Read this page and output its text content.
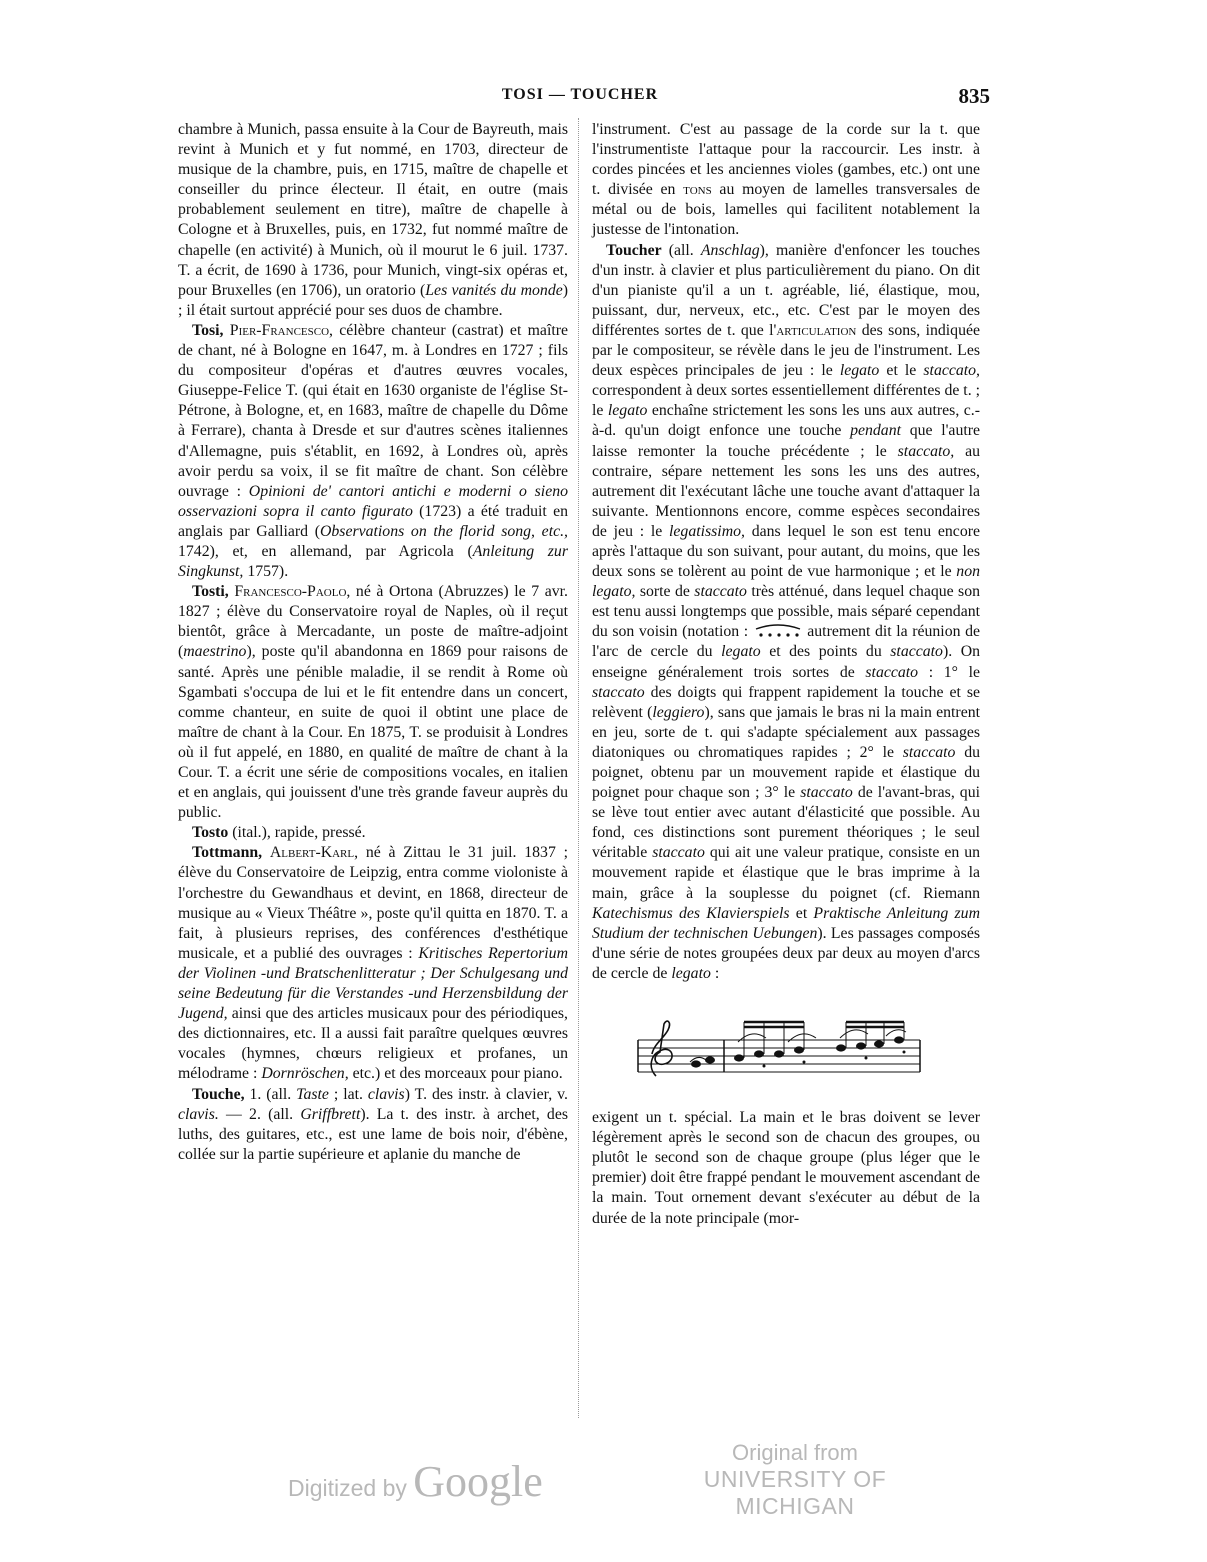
TOSI — TOUCHER	835

chambre à Munich, passa ensuite à la Cour de Bayreuth, mais revint à Munich et y fut nommé, en 1703, directeur de musique de la chambre, puis, en 1715, maître de chapelle et conseiller du prince électeur. Il était, en outre (mais probablement seulement en titre), maître de chapelle à Cologne et à Bruxelles, puis, en 1732, fut nommé maître de chapelle (en activité) à Munich, où il mourut le 6 juil. 1737. T. a écrit, de 1690 à 1736, pour Munich, vingt-six opéras et, pour Bruxelles (en 1706), un oratorio (Les vanités du monde) ; il était surtout apprécié pour ses duos de chambre.

Tosi, Pier-Francesco, célèbre chanteur (castrat) et maître de chant, né à Bologne en 1647, m. à Londres en 1727 ; fils du compositeur d'opéras et d'autres œuvres vocales, Giuseppe-Felice T. (qui était en 1630 organiste de l'église St-Pétrone, à Bologne, et, en 1683, maître de chapelle du Dôme à Ferrare), chanta à Dresde et sur d'autres scènes italiennes d'Allemagne, puis s'établit, en 1692, à Londres où, après avoir perdu sa voix, il se fit maître de chant. Son célèbre ouvrage : Opinioni de' cantori antichi e moderni o sieno osservazioni sopra il canto figurato (1723) a été traduit en anglais par Galliard (Observations on the florid song, etc., 1742), et, en allemand, par Agricola (Anleitung zur Singkunst, 1757).

Tosti, Francesco-Paolo, né à Ortona (Abruzzes) le 7 avr. 1827 ; élève du Conservatoire royal de Naples, où il reçut bientôt, grâce à Mercadante, un poste de maître-adjoint (maestrino), poste qu'il abandonna en 1869 pour raisons de santé. Après une pénible maladie, il se rendit à Rome où Sgambati s'occupa de lui et le fit entendre dans un concert, comme chanteur, en suite de quoi il obtint une place de maître de chant à la Cour. En 1875, T. se produisit à Londres où il fut appelé, en 1880, en qualité de maître de chant à la Cour. T. a écrit une série de compositions vocales, en italien et en anglais, qui jouissent d'une très grande faveur auprès du public.

Tosto (ital.), rapide, pressé.

Tottmann, Albert-Karl, né à Zittau le 31 juil. 1837 ; élève du Conservatoire de Leipzig, entra comme violoniste à l'orchestre du Gewandhaus et devint, en 1868, directeur de musique au « Vieux Théâtre », poste qu'il quitta en 1870. T. a fait, à plusieurs reprises, des conférences d'esthétique musicale, et a publié des ouvrages : Kritisches Repertorium der Violinen -und Bratschenlitteratur ; Der Schulgesang und seine Bedeutung für die Verstandes -und Herzensbildung der Jugend, ainsi que des articles musicaux pour des périodiques, des dictionnaires, etc. Il a aussi fait paraître quelques œuvres vocales (hymnes, chœurs religieux et profanes, un mélodrame : Dornröschen, etc.) et des morceaux pour piano.

Touche, 1. (all. Taste ; lat. clavis) T. des instr. à clavier, v. clavis. — 2. (all. Griffbrett). La t. des instr. à archet, des luths, des guitares, etc., est une lame de bois noir, d'ébène, collée sur la partie supérieure et aplanie du manche de

l'instrument. C'est au passage de la corde sur la t. que l'instrumentiste l'attaque pour la raccourcir. Les instr. à cordes pincées et les anciennes violes (gambes, etc.) ont une t. divisée en tons au moyen de lamelles transversales de métal ou de bois, lamelles qui facilitent notablement la justesse de l'intonation.

Toucher (all. Anschlag), manière d'enfoncer les touches d'un instr. à clavier et plus particulièrement du piano. On dit d'un pianiste qu'il a un t. agréable, lié, élastique, mou, puissant, dur, nerveux, etc., etc. C'est par le moyen des différentes sortes de t. que l'articulation des sons, indiquée par le compositeur, se révèle dans le jeu de l'instrument. Les deux espèces principales de jeu : le legato et le staccato, correspondent à deux sortes essentiellement différentes de t. ; le legato enchaîne strictement les sons les uns aux autres, c.-à-d. qu'un doigt enfonce une touche pendant que l'autre laisse remonter la touche précédente ; le staccato, au contraire, sépare nettement les sons les uns des autres, autrement dit l'exécutant lâche une touche avant d'attaquer la suivante. Mentionnons encore, comme espèces secondaires de jeu : le legatissimo, dans lequel le son est tenu encore après l'attaque du son suivant, pour autant, du moins, que les deux sons se tolèrent au point de vue harmonique ; et le non legato, sorte de staccato très atténué, dans lequel chaque son est tenu aussi longtemps que possible, mais séparé cependant du son voisin (notation :	autrement dit la réunion de l'arc de cercle du legato et des points du staccato). On enseigne généralement trois sortes de staccato : 1° le staccato des doigts qui frappent rapidement la touche et se relèvent (leggiero), sans que jamais le bras ni la main entrent en jeu, sorte de t. qui s'adapte spécialement aux passages diatoniques ou chromatiques rapides ; 2° le staccato du poignet, obtenu par un mouvement rapide et élastique du poignet pour chaque son ; 3° le staccato de l'avant-bras, qui se lève tout entier avec autant d'élasticité que possible. Au fond, ces distinctions sont purement théoriques ; le seul véritable staccato qui ait une valeur pratique, consiste en un mouvement rapide et élastique que le bras imprime à la main, grâce à la souplesse du poignet (cf. Riemann Katechismus des Klavierspiels et Praktische Anleitung zum Studium der technischen Uebungen). Les passages composés d'une série de notes groupées deux par deux au moyen d'arcs de cercle de legato :

exigent un t. spécial. La main et le bras doivent se lever légèrement après le second son de chacun des groupes, ou plutôt le second son de chaque groupe (plus léger que le premier) doit être frappé pendant le mouvement ascendant de la main. Tout ornement devant s'exécuter au début de la durée de la note principale (mor-

Digitized by Google
Original from
UNIVERSITY OF MICHIGAN
